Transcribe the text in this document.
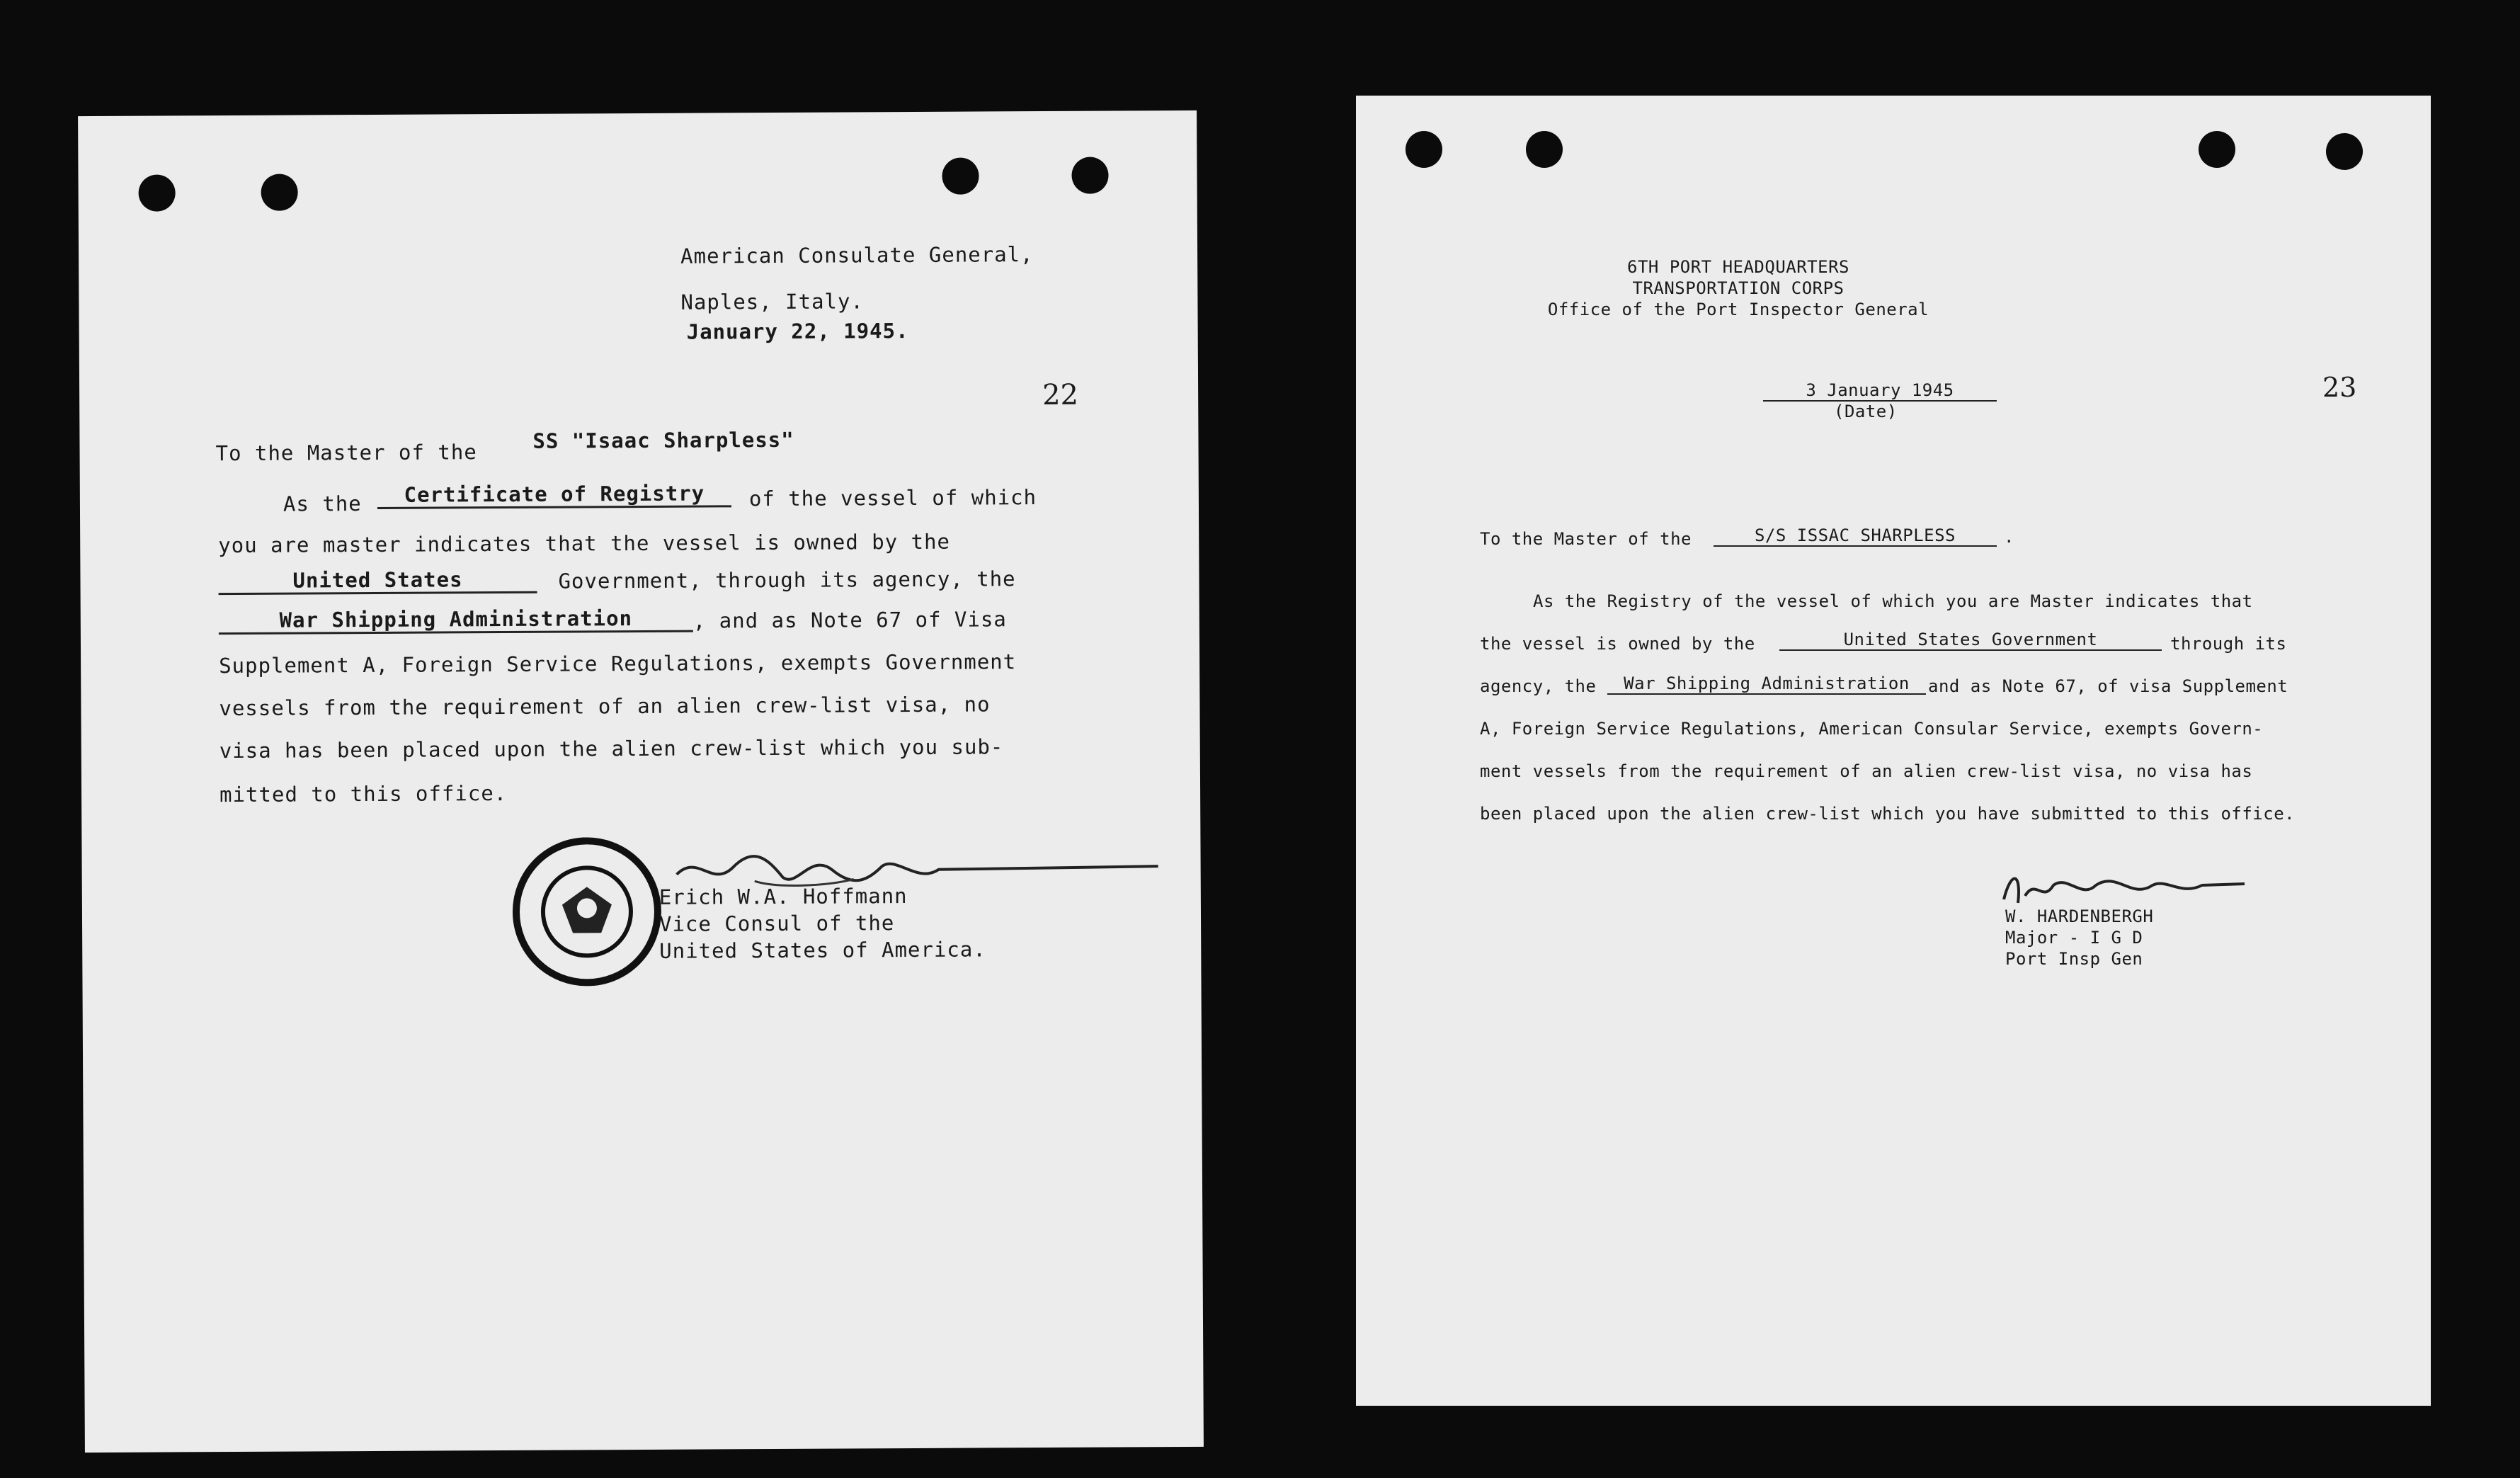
American Consulate General,
Naples, Italy.
January 22, 1945.
22
To the Master of the	SS "Isaac Sharpless"
As the	Certificate of Registry	of the vessel of which
you are master indicates that the vessel is owned by the
United States	Government, through its agency, the
War Shipping Administration	, and as Note 67 of Visa
Supplement A, Foreign Service Regulations, exempts Government
vessels from the requirement of an alien crew-list visa, no
visa has been placed upon the alien crew-list which you sub-
mitted to this office.
Erich W.A. Hoffmann
Vice Consul of the
United States of America.
6TH PORT HEADQUARTERS
TRANSPORTATION CORPS
Office of the Port Inspector General
3 January 1945
(Date)
23
To the Master of the	S/S ISSAC SHARPLESS	.
As the Registry of the vessel of which you are Master indicates that
the vessel is owned by the	United States Government	through its
agency, the	War Shipping Administration	and as Note 67, of visa Supplement
A, Foreign Service Regulations, American Consular Service, exempts Govern-
ment vessels from the requirement of an alien crew-list visa, no visa has
been placed upon the alien crew-list which you have submitted to this office.
W. HARDENBERGH
Major - I G D
Port Insp Gen
